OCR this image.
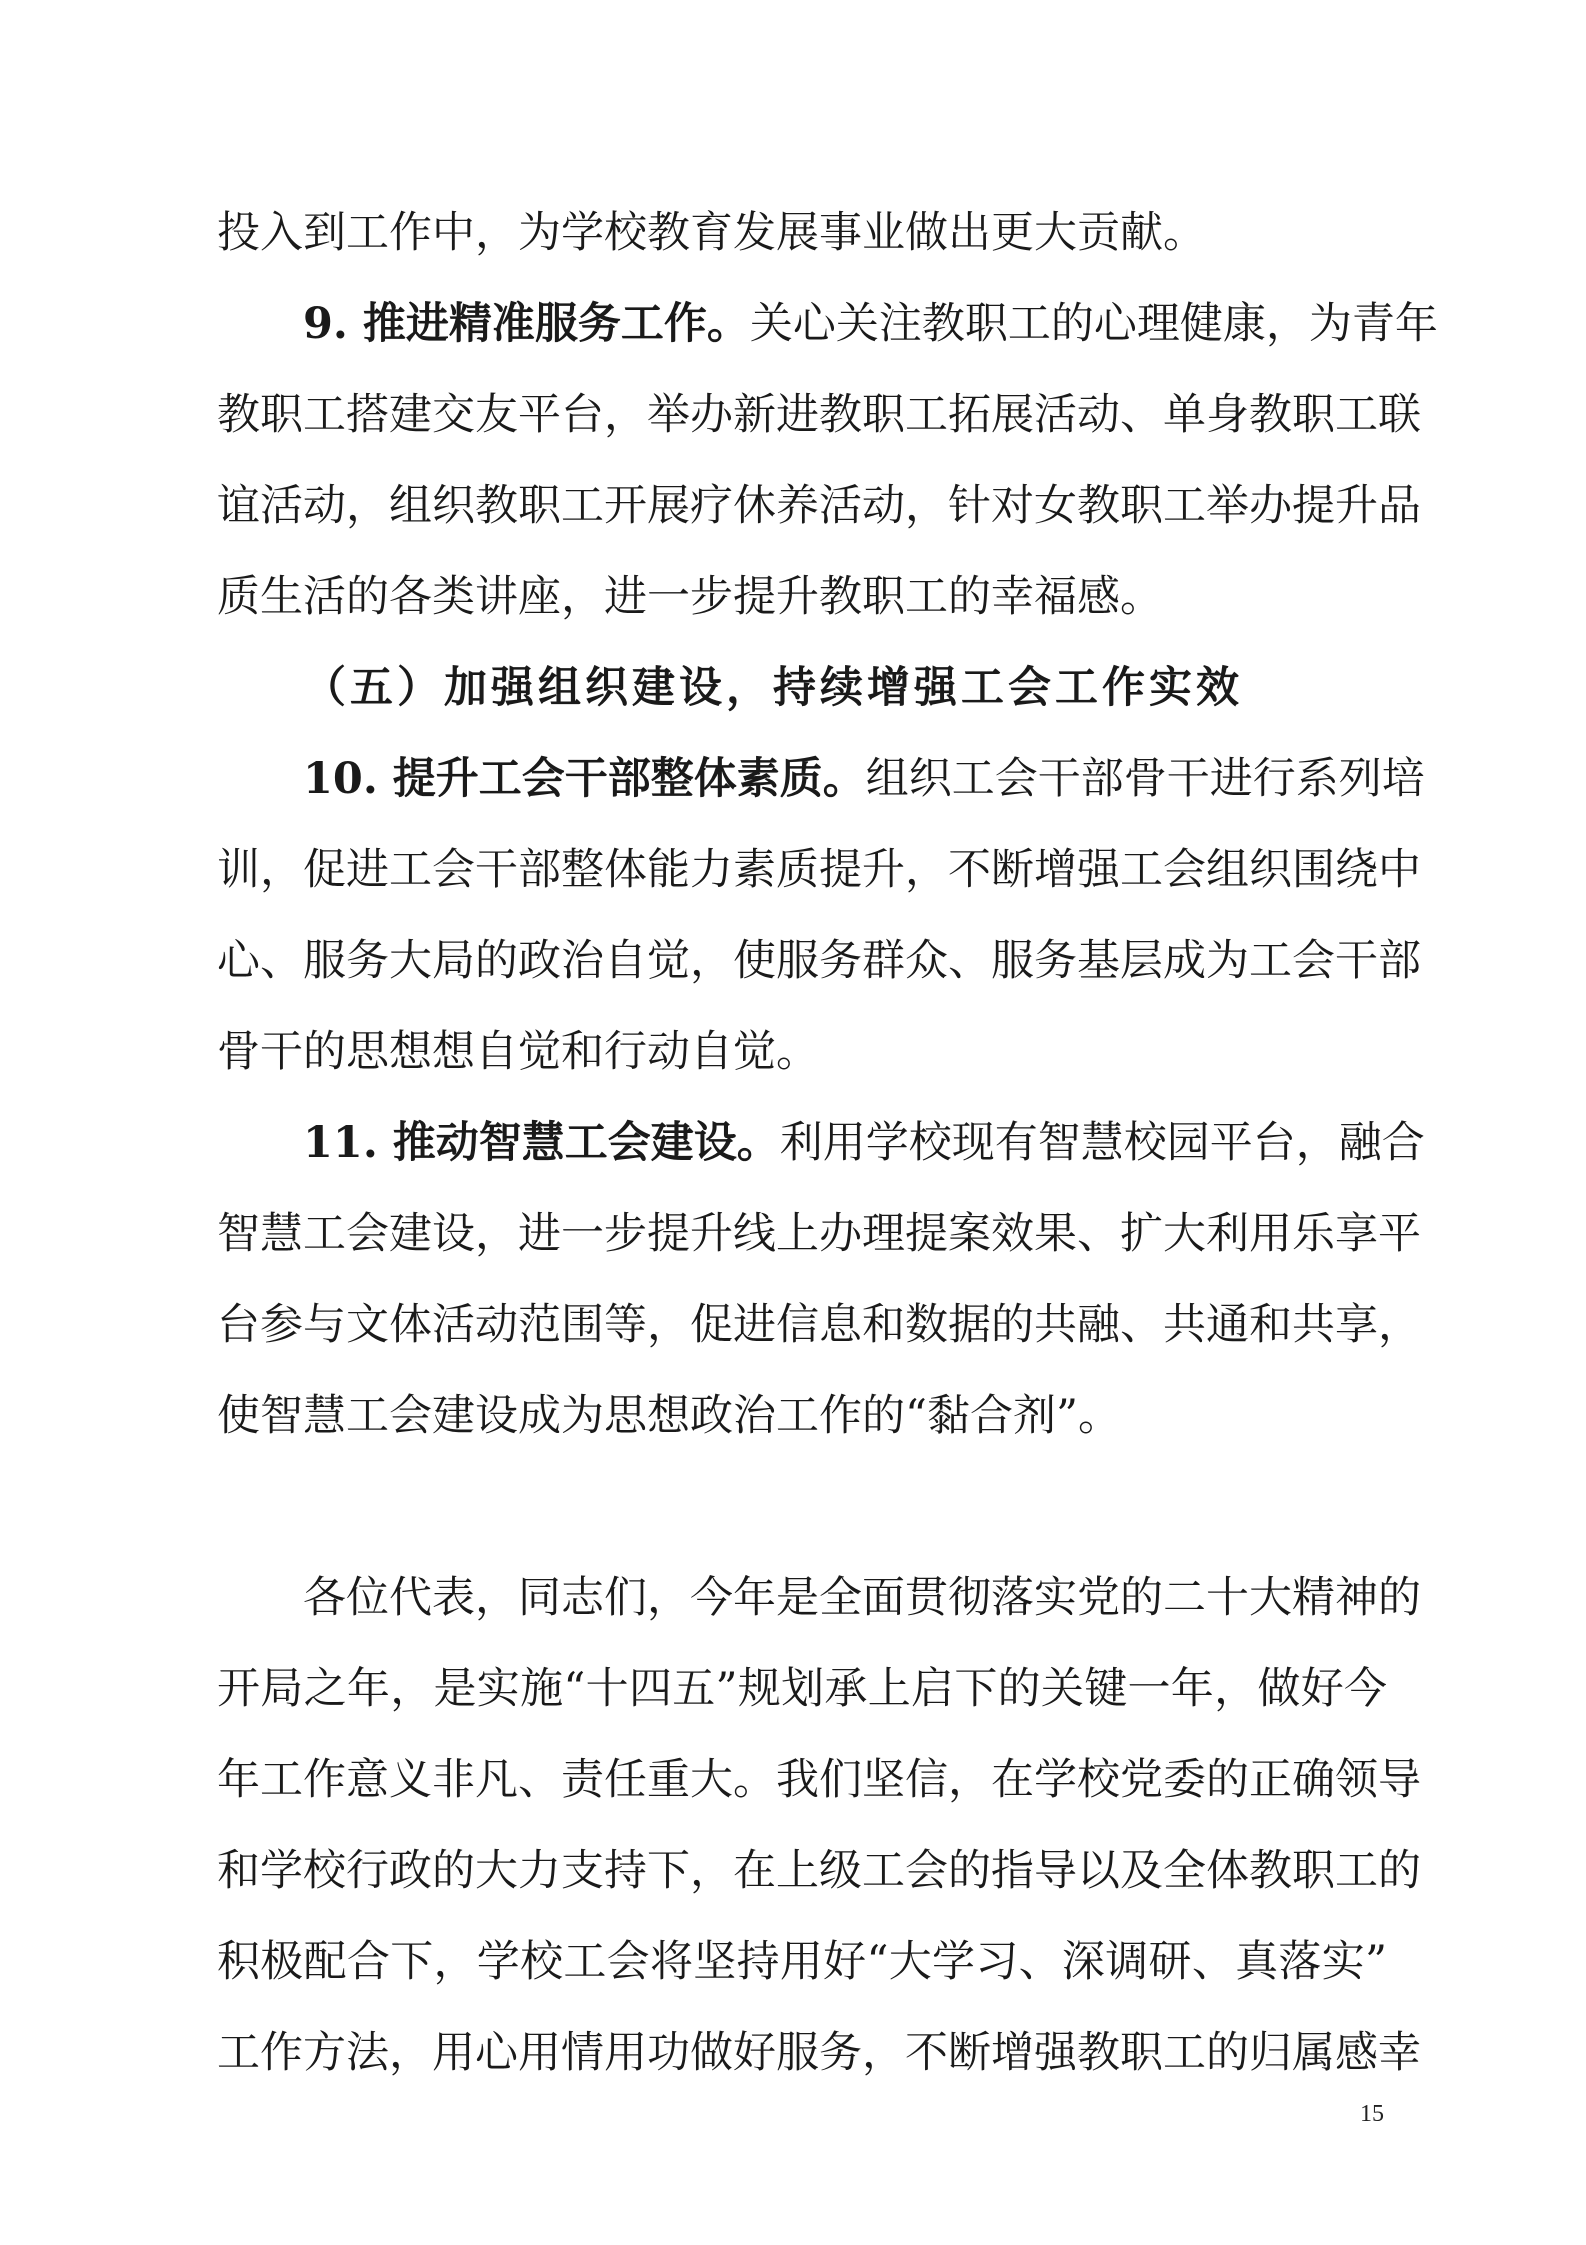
投入到工作中，为学校教育发展事业做出更大贡献。
9. 推进精准服务工作。关心关注教职工的心理健康，为青年
教职工搭建交友平台，举办新进教职工拓展活动、单身教职工联
谊活动，组织教职工开展疗休养活动，针对女教职工举办提升品
质生活的各类讲座，进一步提升教职工的幸福感。
（五）加强组织建设，持续增强工会工作实效
10. 提升工会干部整体素质。组织工会干部骨干进行系列培
训，促进工会干部整体能力素质提升，不断增强工会组织围绕中
心、服务大局的政治自觉，使服务群众、服务基层成为工会干部
骨干的思想想自觉和行动自觉。
11. 推动智慧工会建设。利用学校现有智慧校园平台，融合
智慧工会建设，进一步提升线上办理提案效果、扩大利用乐享平
台参与文体活动范围等，促进信息和数据的共融、共通和共享，
使智慧工会建设成为思想政治工作的“黏合剂”。
各位代表，同志们，今年是全面贯彻落实党的二十大精神的
开局之年，是实施“十四五”规划承上启下的关键一年，做好今
年工作意义非凡、责任重大。我们坚信，在学校党委的正确领导
和学校行政的大力支持下，在上级工会的指导以及全体教职工的
积极配合下，学校工会将坚持用好“大学习、深调研、真落实”
工作方法，用心用情用功做好服务，不断增强教职工的归属感幸
15
